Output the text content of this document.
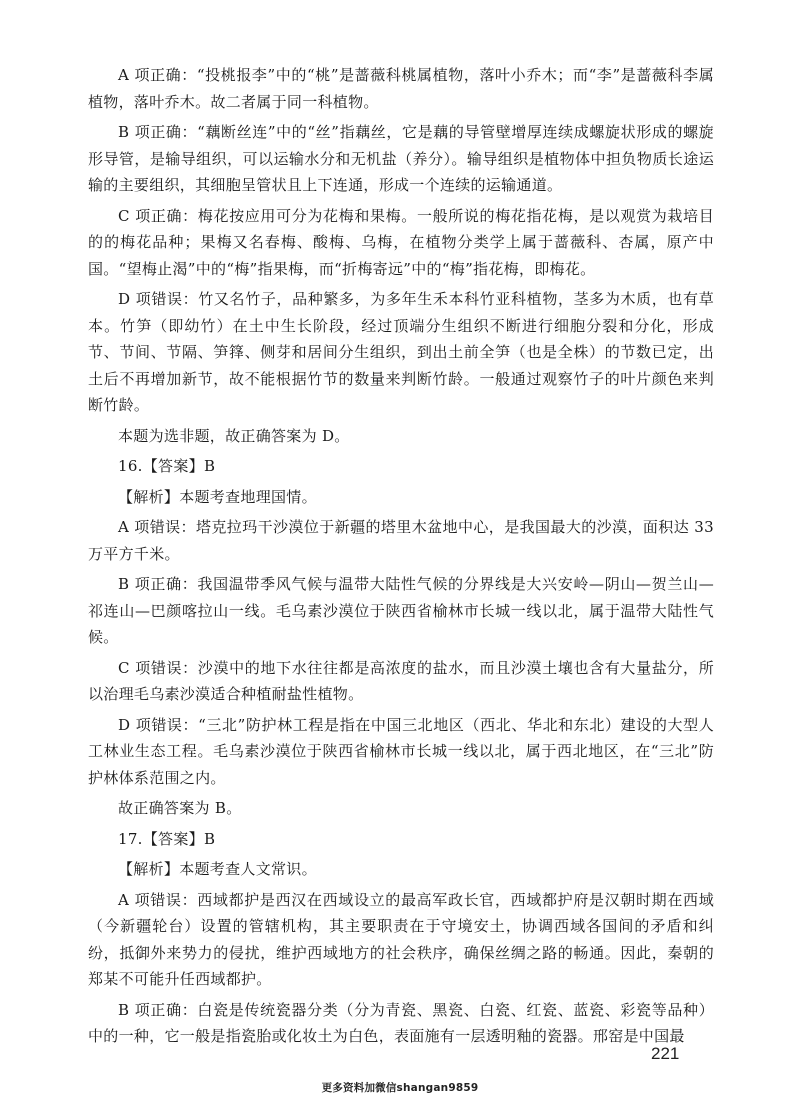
A 项正确：“投桃报李”中的“桃”是蔷薇科桃属植物，落叶小乔木；而“李”是蔷薇科李属植物，落叶乔木。故二者属于同一科植物。

B 项正确：“藕断丝连”中的“丝”指藕丝，它是藕的导管壁增厚连续成螺旋状形成的螺旋形导管，是输导组织，可以运输水分和无机盐（养分）。输导组织是植物体中担负物质长途运输的主要组织，其细胞呈管状且上下连通，形成一个连续的运输通道。

C 项正确：梅花按应用可分为花梅和果梅。一般所说的梅花指花梅，是以观赏为栽培目的的梅花品种；果梅又名春梅、酸梅、乌梅，在植物分类学上属于蔷薇科、杏属，原产中国。“望梅止渴”中的“梅”指果梅，而“折梅寄远”中的“梅”指花梅，即梅花。

D 项错误：竹又名竹子，品种繁多，为多年生禾本科竹亚科植物，茎多为木质，也有草本。竹笋（即幼竹）在土中生长阶段，经过顶端分生组织不断进行细胞分裂和分化，形成节、节间、节隔、笋箨、侧芽和居间分生组织，到出土前全笋（也是全株）的节数已定，出土后不再增加新节，故不能根据竹节的数量来判断竹龄。一般通过观察竹子的叶片颜色来判断竹龄。

本题为选非题，故正确答案为 D。

16.【答案】B

【解析】本题考查地理国情。

A 项错误：塔克拉玛干沙漠位于新疆的塔里木盆地中心，是我国最大的沙漠，面积达 33 万平方千米。

B 项正确：我国温带季风气候与温带大陆性气候的分界线是大兴安岭—阴山—贺兰山—祁连山—巴颜喀拉山一线。毛乌素沙漠位于陕西省榆林市长城一线以北，属于温带大陆性气候。

C 项错误：沙漠中的地下水往往都是高浓度的盐水，而且沙漠土壤也含有大量盐分，所以治理毛乌素沙漠适合种植耐盐性植物。

D 项错误：“三北”防护林工程是指在中国三北地区（西北、华北和东北）建设的大型人工林业生态工程。毛乌素沙漠位于陕西省榆林市长城一线以北，属于西北地区，在“三北”防护林体系范围之内。

故正确答案为 B。

17.【答案】B

【解析】本题考查人文常识。

A 项错误：西域都护是西汉在西域设立的最高军政长官，西域都护府是汉朝时期在西域（今新疆轮台）设置的管辖机构，其主要职责在于守境安土，协调西域各国间的矛盾和纠纷，抵御外来势力的侵扰，维护西域地方的社会秩序，确保丝绸之路的畅通。因此，秦朝的郑某不可能升任西域都护。

B 项正确：白瓷是传统瓷器分类（分为青瓷、黑瓷、白瓷、红瓷、蓝瓷、彩瓷等品种）中的一种，它一般是指瓷胎或化妆土为白色，表面施有一层透明釉的瓷器。邢窑是中国最

221
更多资料加微信shangan9859
